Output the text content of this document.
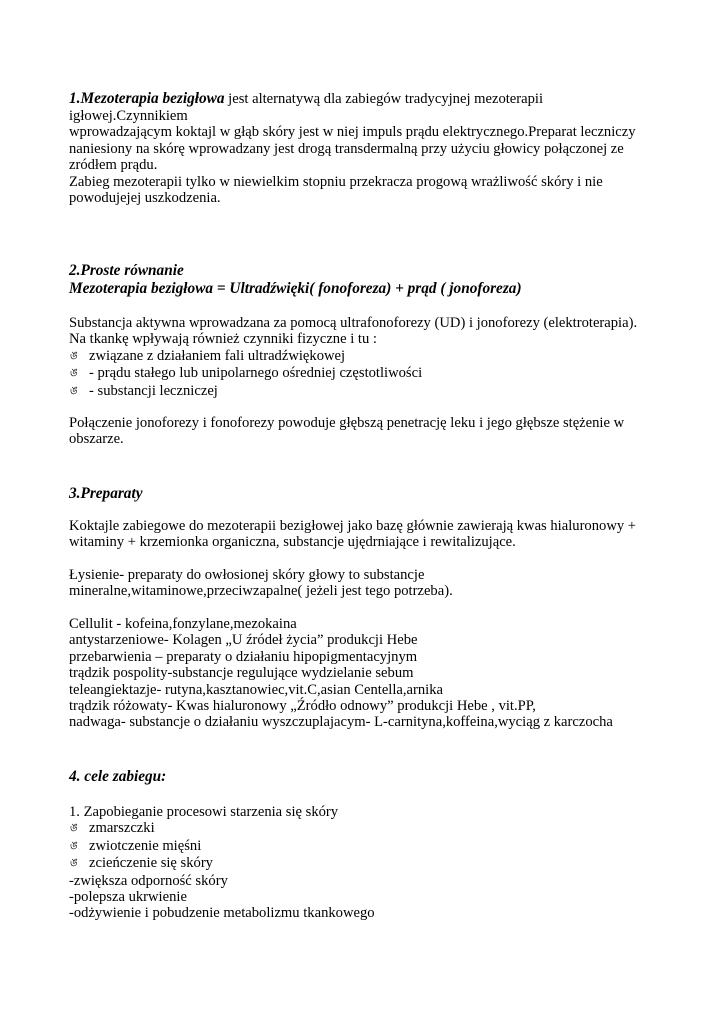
1.Mezoterapia bezigłowa jest alternatywą dla zabiegów tradycyjnej mezoterapii
igłowej.Czynnikiem
wprowadzającym koktajl w głąb skóry jest w niej impuls prądu elektrycznego.Preparat leczniczy
naniesiony na skórę wprowadzany jest drogą transdermalną przy użyciu głowicy połączonej ze
zródłem prądu.
Zabieg mezoterapii tylko w niewielkim stopniu przekracza progową wrażliwość skóry i nie
powodujejej uszkodzenia.
2.Proste równanie
Mezoterapia bezigłowa = Ultradźwięki( fonoforeza) + prąd ( jonoforeza)
Substancja aktywna wprowadzana za pomocą ultrafonoforezy (UD) i jonoforezy (elektroterapia).
Na tkankę wpływają również czynniki fizyczne i tu :
ঙ związane z działaniem fali ultradźwiękowej
ঙ - prądu stałego lub unipolarnego ośredniej częstotliwości
ঙ - substancji leczniczej
Połączenie jonoforezy i fonoforezy powoduje głębszą penetrację leku i jego głębsze stężenie w
obszarze.
3.Preparaty
Koktajle zabiegowe do mezoterapii bezigłowej jako bazę głównie zawierają kwas hialuronowy +
witaminy + krzemionka organiczna, substancje ujędrniające i rewitalizujące.
Łysienie- preparaty do owłosionej skóry głowy to substancje
mineralne,witaminowe,przeciwzapalne( jeżeli jest tego potrzeba).
Cellulit - kofeina,fonzylane,mezokaina
antystarzeniowe- Kolagen „U źródeł życia” produkcji Hebe
przebarwienia – preparaty o działaniu hipopigmentacyjnym
trądzik pospolity-substancje regulujące wydzielanie sebum
teleangiektazje- rutyna,kasztanowiec,vit.C,asian Centella,arnika
trądzik różowaty- Kwas hialuronowy „Źródło odnowy” produkcji Hebe , vit.PP,
nadwaga- substancje o działaniu wyszczuplajacym- L-carnityna,koffeina,wyciąg z karczocha
4. cele zabiegu:
1. Zapobieganie procesowi starzenia się skóry
ঙ zmarszczki
ঙ zwiotczenie mięśni
ঙ zcieńczenie się skóry
-zwiększa odporność skóry
-polepsza ukrwienie
-odżywienie i pobudzenie metabolizmu tkankowego
